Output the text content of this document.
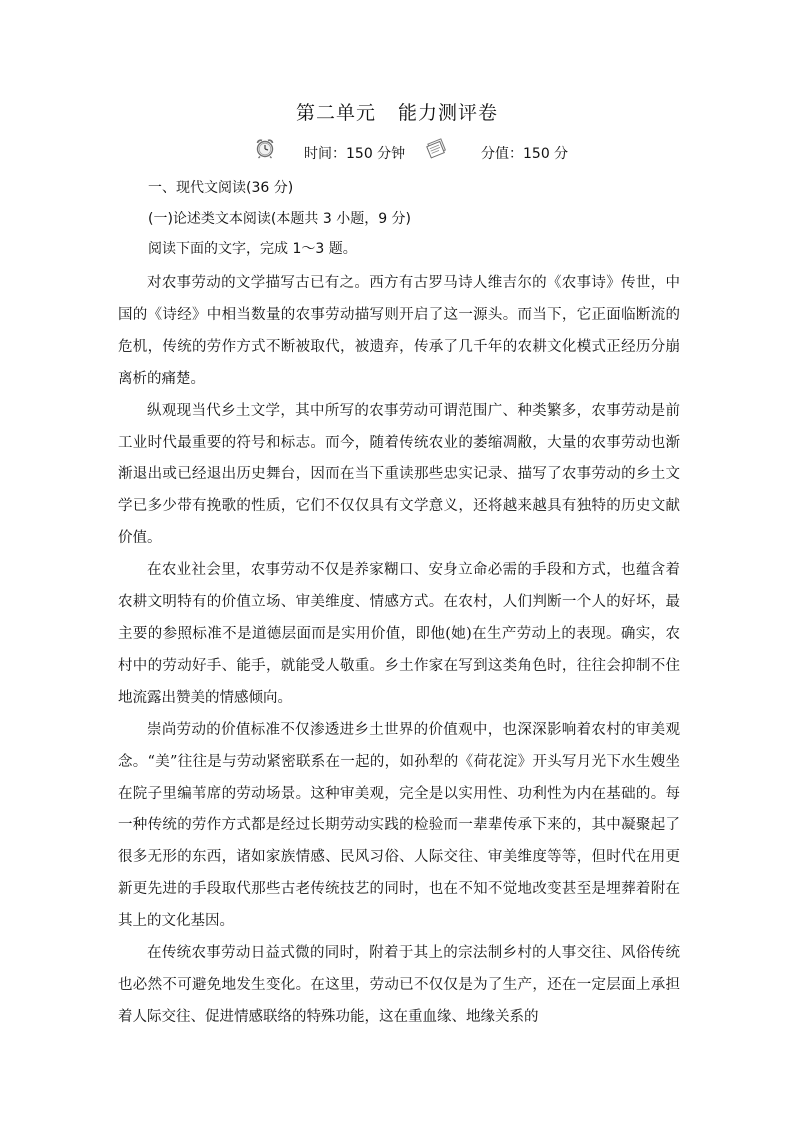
第二单元 能力测评卷
时间：150 分钟	分值：150 分
一、现代文阅读(36 分)
(一)论述类文本阅读(本题共 3 小题，9 分)
阅读下面的文字，完成 1～3 题。

对农事劳动的文学描写古已有之。西方有古罗马诗人维吉尔的《农事诗》传世，中国的《诗经》中相当数量的农事劳动描写则开启了这一源头。而当下，它正面临断流的危机，传统的劳作方式不断被取代，被遗弃，传承了几千年的农耕文化模式正经历分崩离析的痛楚。

纵观现当代乡土文学，其中所写的农事劳动可谓范围广、种类繁多，农事劳动是前工业时代最重要的符号和标志。而今，随着传统农业的萎缩凋敝，大量的农事劳动也渐渐退出或已经退出历史舞台，因而在当下重读那些忠实记录、描写了农事劳动的乡土文学已多少带有挽歌的性质，它们不仅仅具有文学意义，还将越来越具有独特的历史文献价值。

在农业社会里，农事劳动不仅是养家糊口、安身立命必需的手段和方式，也蕴含着农耕文明特有的价值立场、审美维度、情感方式。在农村，人们判断一个人的好坏，最主要的参照标准不是道德层面而是实用价值，即他(她)在生产劳动上的表现。确实，农村中的劳动好手、能手，就能受人敬重。乡土作家在写到这类角色时，往往会抑制不住地流露出赞美的情感倾向。

崇尚劳动的价值标准不仅渗透进乡土世界的价值观中，也深深影响着农村的审美观念。“美”往往是与劳动紧密联系在一起的，如孙犁的《荷花淀》开头写月光下水生嫂坐在院子里编苇席的劳动场景。这种审美观，完全是以实用性、功利性为内在基础的。每一种传统的劳作方式都是经过长期劳动实践的检验而一辈辈传承下来的，其中凝聚起了很多无形的东西，诸如家族情感、民风习俗、人际交往、审美维度等等，但时代在用更新更先进的手段取代那些古老传统技艺的同时，也在不知不觉地改变甚至是埋葬着附在其上的文化基因。

在传统农事劳动日益式微的同时，附着于其上的宗法制乡村的人事交往、风俗传统也必然不可避免地发生变化。在这里，劳动已不仅仅是为了生产，还在一定层面上承担着人际交往、促进情感联络的特殊功能，这在重血缘、地缘关系的
